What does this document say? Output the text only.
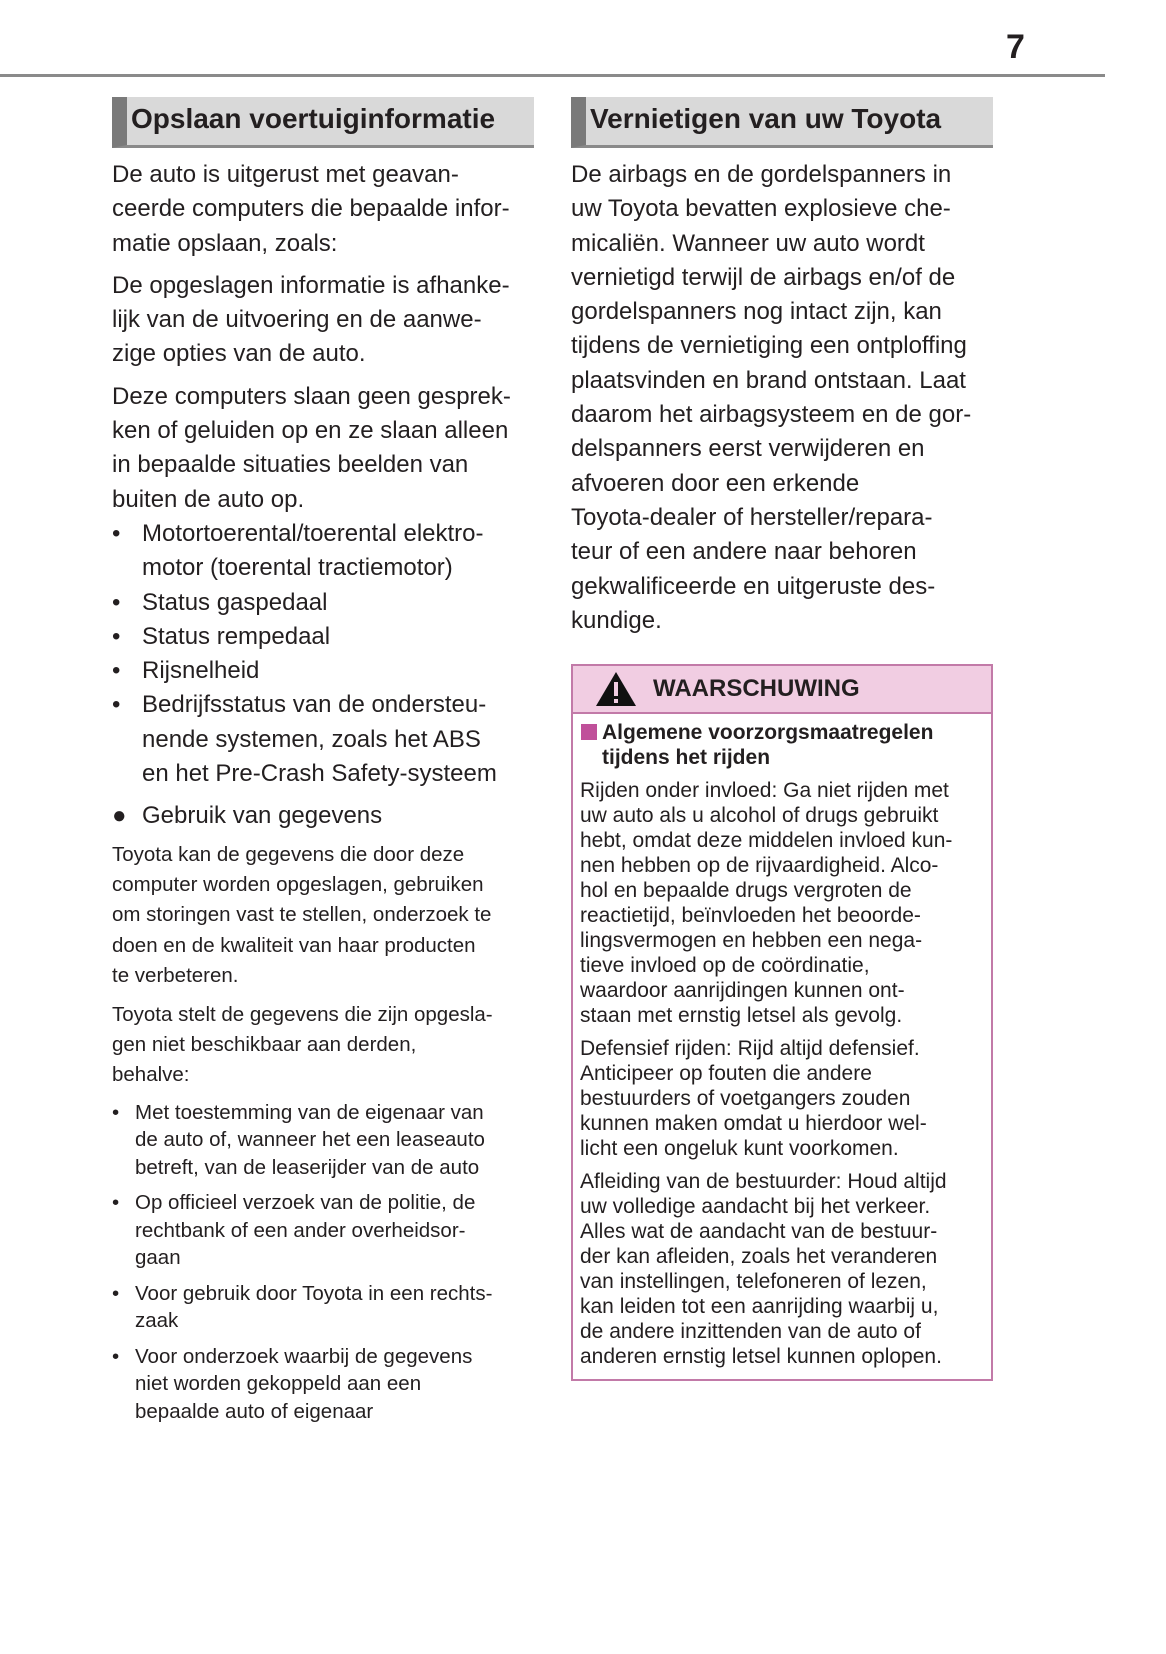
7
Opslaan voertuiginformatie

De auto is uitgerust met geavan-
ceerde computers die bepaalde infor-
matie opslaan, zoals:

De opgeslagen informatie is afhanke-
lijk van de uitvoering en de aanwe-
zige opties van de auto.

Deze computers slaan geen gesprek-
ken of geluiden op en ze slaan alleen
in bepaalde situaties beelden van
buiten de auto op.

• Motortoerental/toerental elektro-
motor (toerental tractiemotor)
• Status gaspedaal
• Status rempedaal
• Rijsnelheid
• Bedrijfsstatus van de ondersteu-
nende systemen, zoals het ABS
en het Pre-Crash Safety-systeem
● Gebruik van gegevens

Toyota kan de gegevens die door deze
computer worden opgeslagen, gebruiken
om storingen vast te stellen, onderzoek te
doen en de kwaliteit van haar producten
te verbeteren.

Toyota stelt de gegevens die zijn opgesla-
gen niet beschikbaar aan derden,
behalve:

• Met toestemming van de eigenaar van
de auto of, wanneer het een leaseauto
betreft, van de leaserijder van de auto
• Op officieel verzoek van de politie, de
rechtbank of een ander overheidsor-
gaan
• Voor gebruik door Toyota in een rechts-
zaak
• Voor onderzoek waarbij de gegevens
niet worden gekoppeld aan een
bepaalde auto of eigenaar
Vernietigen van uw Toyota

De airbags en de gordelspanners in
uw Toyota bevatten explosieve che-
micaliën. Wanneer uw auto wordt
vernietigd terwijl de airbags en/of de
gordelspanners nog intact zijn, kan
tijdens de vernietiging een ontploffing
plaatsvinden en brand ontstaan. Laat
daarom het airbagsysteem en de gor-
delspanners eerst verwijderen en
afvoeren door een erkende
Toyota-dealer of hersteller/repara-
teur of een andere naar behoren
gekwalificeerde en uitgeruste des-
kundige.

WAARSCHUWING
Algemene voorzorgsmaatregelen
tijdens het rijden

Rijden onder invloed: Ga niet rijden met
uw auto als u alcohol of drugs gebruikt
hebt, omdat deze middelen invloed kun-
nen hebben op de rijvaardigheid. Alco-
hol en bepaalde drugs vergroten de
reactietijd, beïnvloeden het beoorde-
lingsvermogen en hebben een nega-
tieve invloed op de coördinatie,
waardoor aanrijdingen kunnen ont-
staan met ernstig letsel als gevolg.

Defensief rijden: Rijd altijd defensief.
Anticipeer op fouten die andere
bestuurders of voetgangers zouden
kunnen maken omdat u hierdoor wel-
licht een ongeluk kunt voorkomen.

Afleiding van de bestuurder: Houd altijd
uw volledige aandacht bij het verkeer.
Alles wat de aandacht van de bestuur-
der kan afleiden, zoals het veranderen
van instellingen, telefoneren of lezen,
kan leiden tot een aanrijding waarbij u,
de andere inzittenden van de auto of
anderen ernstig letsel kunnen oplopen.
